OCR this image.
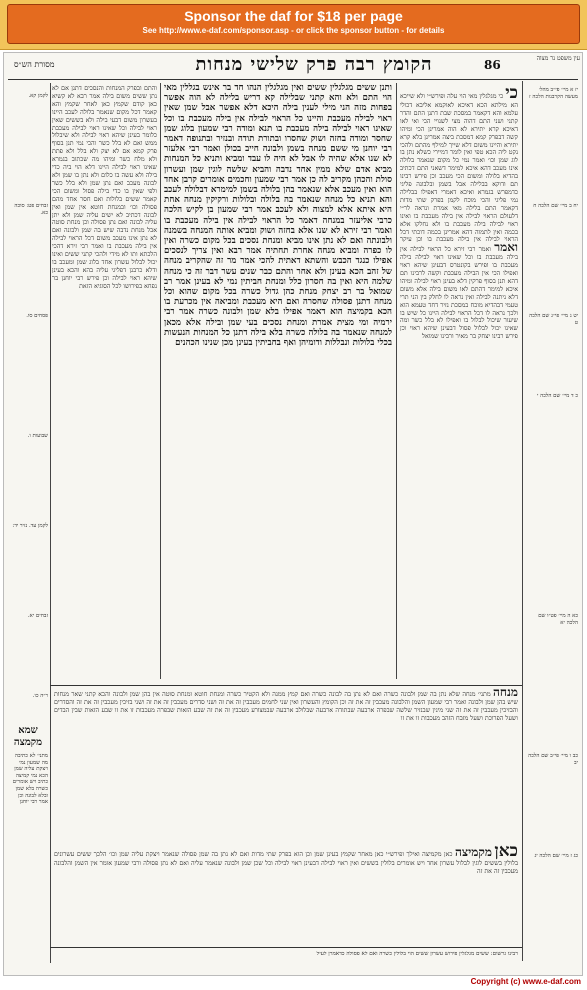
Sponsor the daf for $18 per page
See http://www.e-daf.com/sponsor.asp - or click the sponsor button - for details
מסורת הש״ס	הקומץ רבה פרק שלישי מנחות	86	עין משפט נר מצוה
יז א מיי׳ פי״ב מהל׳ מעשה הקרבנות הלכה ז
יח ב מיי׳ שם הלכה ח
יט ג מיי׳ פי״ג שם הלכה ט
כ ד מיי׳ שם הלכה י
כא ה מיי׳ פט״ו שם הלכה יא
כב ו מיי׳ פי״ב שם הלכה יב
כג ז מיי׳ שם הלכה יג
כי כי מגלגלין מאי הוי עלה ופירש״י ולא שייכא הא מילתא הכא דאיכא לאוקמא אליבא דכולי עלמא והא דקאמר במסכת שבת דתנן התם והדר קתני ושני התם דהוה מצי לשנויי הכי ואי לאו דאיכא קרא יתירא לא הוה אמרינן הכי ומיהו קשה דבפרק קמא דמסכת ביצה אמרינן בלא קרא יתירא והיינו משום דלא שייך למילף מהתם ולהכי נקט ליה הכא טפי ואין לומר דמיירי כשלא נתן בו לוג שמן וכו׳ ואמר נמי כל מקום שנאמר בלולה אינו מעכב דהא איכא למימר דשאני התם דכתיב בהדיא בלולה ומשום הכי מעכב וכן פירש רבינו תם ודוקא בבלילה אבל בשמן ובלבונה פליגי כדמפרש בגמרא ואיכא דאמרי דאפילו בבלילה נמי פליגי והכי מוכח לקמן בפרק שתי מדות דקאמר התם בלילה מאי אמרת ונראה לר״י דלעולם הראוי לבילה אין בילה מעכבת בו ואינו ראוי לבילה בילה מעכבת בו ולא נחלקו אלא בכמה ואין לתמוה דהא אמרינן בכמה דוכתי דכל הראוי לבילה אין בילה מעכבת בו וכן עיקר ואמר ואמר רבי זירא כל הראוי לבילה אין בילה מעכבת בו וכל שאינו ראוי לבילה בילה מעכבת בו ופירש בקונטרס דבעינן שיהא ראוי ואפילו הכי אין הבילה מעכבת וקשה לרבינו תם דהא תנן בסוף פרקין דלא בעינן ראוי לבילה ומיהו איכא למימר דהתם לאו משום בילה אלא משום דלא ניתנה לבילה ואין נראה לו לחלק בין הני תרי טעמי דבהדיא מוכח במסכת נזיר דחד טעמא הוא ולכך נראה לו דכל הראוי לבילה היינו כל שיש בו שיעור שיכול לבלול בו ואפילו לא בלל כשר ומה שאינו יכול לבלול פסול דבעינן שיהא ראוי וכן פירש רבינו יצחק בר מאיר ורבינו שמואל
ותנן ששים מגלגלין ששים ואין מגלגלין הנהו חד בר אינש בגללין מאי הוי התם ולא והא קתני שבלילה קא דריש בלילה לא הוה אפשר בפחות מזה הני מילי לענין בילה היכא דלא אפשר אבל שמן שאין ראוי לבילה מעכבת והיינו כל הראוי לבילה אין בילה מעכבת בו וכל שאינו ראוי לבילה בילה מעכבת בו תנא ומודה רבי שמעון בלוג שמן שחסר ומודה בחזה ושוק שחסרו ובתורת תודה ובנזיר ובתנופה דאמר רבי יוחנן מי ששם מנחה בשמן ולבונה חייב בכולן ואמר רבי אלעזר לא שנו אלא שהיה לו אבל לא היה לו עבד ומביא ותניא כל המנחות מביא אדם שלא ממין אחד נדבה והביא שלשה לוגין שמן ועשרון סולת והכהן מקריב לה כן אמר רבי שמעון וחכמים אומרים קרבן אחד הוא ואין מעכב אלא שנאמר בהן בלולה בשמן למימרא דבלולה לעכב והא תניא כל מנחה שנאמר בה בלולה ובלולות ורקיקין מנחה אחת היא איתא אלא למצוה ולא לעכב אמר רבי שמעון בן לקיש הלכה כרבי אליעזר במנחה דאמר כל הראוי לבילה אין בילה מעכבת בו ואמר רבי זירא לא שנו אלא בחזה ושוק ומביא אותה המנחה בשמנה ולבונתה ואם לא נתן אינו מביא ומנחת נסכים בכל מקום כשרה ואין לו כפרה ומביא מנחה אחרת תחתיה אמר רבא ואין צריך לנסכים אפילו כנגד הכבש והשתא דאתית להכי אמר מר זה שהקריב מנחה של זהב הכא בעינן ולא אחר והתם כבר שנים עשר דבר זה כי מנחה שלמה היא ואין בה חסרון כלל ומנחת חביתין נמי לא בעינן אמר רב שמואל בר רב יצחק מנחת כהן גדול כשרה בכל מקום שהוא וכל מנחה דתנן פסולה שחסרה ואם היא מעכבת ומביאה אין מכרעת בו הכא בקמיצה הוא דאמר אפילו בלא שמן ולבונה כשרה אמר רבי ירמיה ומי מצית אמרת ומנחת נסכים בעי שמן ובילה אלא מכאן למנחה שנאמר בה בלולה כשרה בלא בילה דתנן כל המנחות הנעשות בכלי בלולות ונבללות ודומיהן ואף בחביתין בעינן מכן שנינו הכהנים
והתם ובפרק המנחות והנסכים דתנן אם לא נתן ששים משום בילה אמר רבא לא קשיא כאן קודם שקמץ כאן לאחר שקמץ והא קאמר דכל מקום שנאמר בלולה לעכב היינו בעשרון משום דבעי בילה ולא בששים שאין ראוי לבילה וכל שאינו ראוי לבילה מעכבת כלומר בעינן שיהא ראוי לבילה ולא שיבלול ממש ואם לא בלל כשר והכי נמי תנן בסוף פרק קמא אם לא יצק ולא בלל ולא פתת ולא מלח כשר ומיהו מה שכתוב בגמרא שאינו ראוי לבילה היינו דלא הוי ביה כדי בילה ולא עשה בו כלום ולא נתן בו שמן ולא לבונה מעכב ואם נתן שמן ולא בלל כשר ולפי שאין בו כדי בילה פסול ומשום הכי קאמר ששים בלולות ואם חסר אחד מהם פסולה וכו׳ ובמנחת חוטא אין שמן ואין לבונה דכתיב לא ישים עליה שמן ולא יתן עליה לבונה ואם נתן פסולה וכן מנחת סוטה אבל מנחת נדבה שיש בה שמן ולבונה ואם לא נתן אינו מעכב משום דכל הראוי לבילה אין בילה מעכבת בו ואמר רבי זירא דהכי הלכתא ותו לא מידי ולהכי קתני ששים ואינו יכול לבלול עשרון אחד בלוג שמן ומעכב בו ודלא כרבנן דפליגי עליה בהא והכא בעינן שיהא ראוי לבילה וכן פירש רבי יוחנן בר נפחא בפירושו לכל הסוגיא הזאת
לקמן קא.
זבחים פט: סוכה כא.
פסחים סו.
שבועות ו.
לקמן עד. נזיר יד:
זבחים יא.
ר״ה כו.	מנחה מתני׳ מנחה שלא נתן בה שמן ולבונה כשרה ואם לא נתן בה לבונה כשרה ואם קמץ ממנה ולא הקטיר כשרה ומנחת חוטא ומנחת סוטה אין בהן שמן ולבונה והכא קתני שאר מנחות שיש בהן שמן ולבונה ואמר רבי שמעון השמן והלבונה מעכבין זה את זה וכן הקומץ והעשרון ואין שני לחמים מעכבין זה את זה ושני סדרים מעכבין זה את זה ושני בזיכין מעכבין זה את זה והסדרים והבזיכין מעכבין זה את זה שני מינין שבנזיר שלשה שבפרה ארבעה שבתודה ארבעה שבלולב ארבעה שבמצורע מעכבין זה את זה שבע הזאות שבפרה מעכבות זו את זו שבע הזאות שבין הבדים ושעל הפרוכת ושעל מזבח הזהב מעכבות זו את זו
שמא מקמצה
מתני׳ לא כתיבה מה שמעון נמי ויצקת עליה שמן הכא נמי קמיצה כתיב ויש אומרים כשרה בלא שמן ובלא לבונה וכן אמר רבי יוחנן
כאן מקמיצה כאן מקמיצה ואילך ופירש״י כאן מאחר שקמץ בעינן שמן וכן הוא בפרק שתי מדות ואם לא נתן בה שמן פסולה שנאמר ויצקת עליה שמן וכו׳ הלכך ששים עשרונים בלולין בששים לוגין לבלול עשרון אחד ויש אומרים בלולין בששים ואין ראוי לבילה דבעינן ראוי לבילה וכל שכן שמן ולבונה שנאמר עליה ואם לא נתן פסולה ורבי שמעון אומר אין השמן והלבונה מעכבין זה את זה
רבינו גרשום: ששים מגלגלין פירוש עשרון ששים הוי בלולין כשרה ואם לא פסולה כדאמרן לעיל
Copyright (c) www.e-daf.com
